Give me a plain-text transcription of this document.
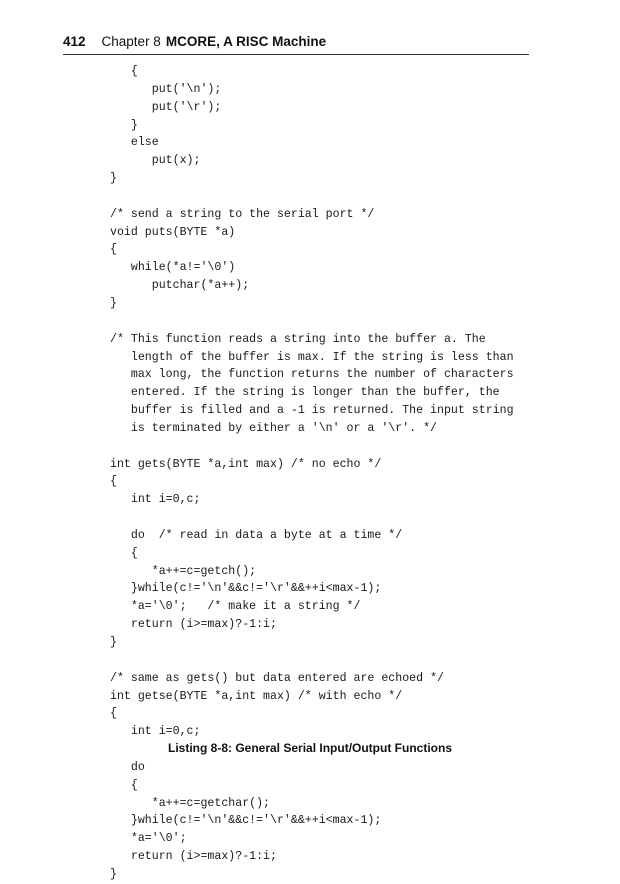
412 Chapter 8 MCORE, A RISC Machine
{
put('\n');
put('\r');
}
else
put(x);
}
/* send a string to the serial port */
void puts(BYTE *a)
{
while(*a!='\0')
putchar(*a++);
}
/* This function reads a string into the buffer a. The
length of the buffer is max. If the string is less than
max long, the function returns the number of characters
entered. If the string is longer than the buffer, the
buffer is filled and a -1 is returned. The input string
is terminated by either a '\n' or a '\r'. */
int gets(BYTE *a,int max) /* no echo */
{
int i=0,c;
do  /* read in data a byte at a time */
{
*a++=c=getch();
}while(c!='\n'&&c!='\r'&&++i<max-1);
*a='\0';   /* make it a string */
return (i>=max)?-1:i;
}
/* same as gets() but data entered are echoed */
int getse(BYTE *a,int max) /* with echo */
{
int i=0,c;
do
{
*a++=c=getchar();
}while(c!='\n'&&c!='\r'&&++i<max-1);
*a='\0';
return (i>=max)?-1:i;
}
Listing 8-8: General Serial Input/Output Functions
